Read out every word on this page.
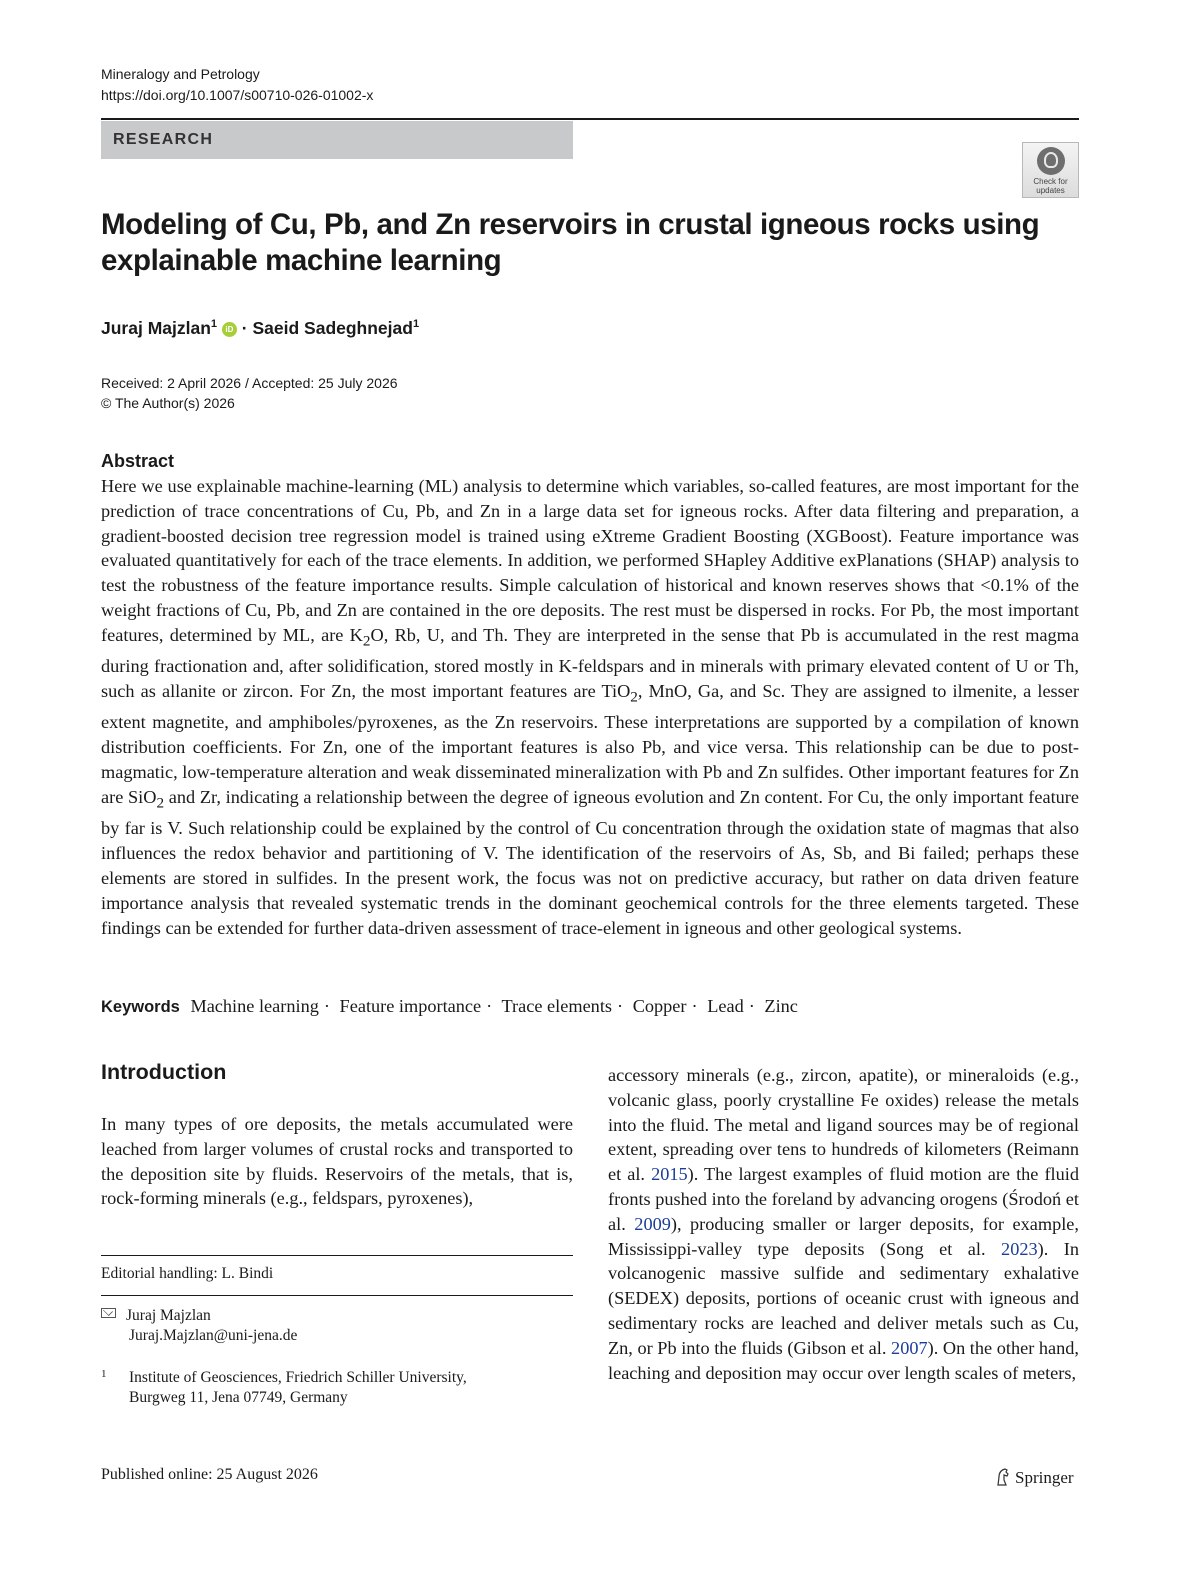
Mineralogy and Petrology
https://doi.org/10.1007/s00710-026-01002-x
RESEARCH
Check for
updates
Modeling of Cu, Pb, and Zn reservoirs in crustal igneous rocks using explainable machine learning
Juraj Majzlan$^1$ iD · Saeid Sadeghnejad$^1$
Received: 2 April 2026 / Accepted: 25 July 2026
© The Author(s) 2026
Abstract

Here we use explainable machine-learning (ML) analysis to determine which variables, so-called features, are most important for the prediction of trace concentrations of Cu, Pb, and Zn in a large data set for igneous rocks. After data filtering and preparation, a gradient-boosted decision tree regression model is trained using eXtreme Gradient Boosting (XGBoost). Feature importance was evaluated quantitatively for each of the trace elements. In addition, we performed SHapley Additive exPlanations (SHAP) analysis to test the robustness of the feature importance results. Simple calculation of historical and known reserves shows that <0.1% of the weight fractions of Cu, Pb, and Zn are contained in the ore deposits. The rest must be dispersed in rocks. For Pb, the most important features, determined by ML, are $K_2O$, Rb, U, and Th. They are interpreted in the sense that Pb is accumulated in the rest magma during fractionation and, after solidification, stored mostly in K-feldspars and in minerals with primary elevated content of U or Th, such as allanite or zircon. For Zn, the most important features are TiO$_2$, MnO, Ga, and Sc. They are assigned to ilmenite, a lesser extent magnetite, and amphiboles/pyroxenes, as the Zn reservoirs. These interpretations are supported by a compilation of known distribution coefficients. For Zn, one of the important features is also Pb, and vice versa. This relationship can be due to post-magmatic, low-temperature alteration and weak disseminated mineralization with Pb and Zn sulfides. Other important features for Zn are SiO$_2$ and Zr, indicating a relationship between the degree of igneous evolution and Zn content. For Cu, the only important feature by far is V. Such relationship could be explained by the control of Cu concentration through the oxidation state of magmas that also influences the redox behavior and partitioning of V. The identification of the reservoirs of As, Sb, and Bi failed; perhaps these elements are stored in sulfides. In the present work, the focus was not on predictive accuracy, but rather on data driven feature importance analysis that revealed systematic trends in the dominant geochemical controls for the three elements targeted. These findings can be extended for further data-driven assessment of trace-element in igneous and other geological systems.

Keywords Machine learning · Feature importance · Trace elements · Copper · Lead · Zinc
Introduction
In many types of ore deposits, the metals accumulated were leached from larger volumes of crustal rocks and transported to the deposition site by fluids. Reservoirs of the metals, that is, rock-forming minerals (e.g., feldspars, pyroxenes),
accessory minerals (e.g., zircon, apatite), or mineraloids (e.g., volcanic glass, poorly crystalline Fe oxides) release the metals into the fluid. The metal and ligand sources may be of regional extent, spreading over tens to hundreds of kilometers (Reimann et al. 2015). The largest examples of fluid motion are the fluid fronts pushed into the foreland by advancing orogens (Środoń et al. 2009), producing smaller or larger deposits, for example, Mississippi-valley type deposits (Song et al. 2023). In volcanogenic massive sulfide and sedimentary exhalative (SEDEX) deposits, portions of oceanic crust with igneous and sedimentary rocks are leached and deliver metals such as Cu, Zn, or Pb into the fluids (Gibson et al. 2007). On the other hand, leaching and deposition may occur over length scales of meters,
Editorial handling: L. Bindi
Juraj Majzlan
Juraj.Majzlan@uni-jena.de
1 Institute of Geosciences, Friedrich Schiller University,
Burgweg 11, Jena 07749, Germany
Published online: 25 August 2026	Springer
